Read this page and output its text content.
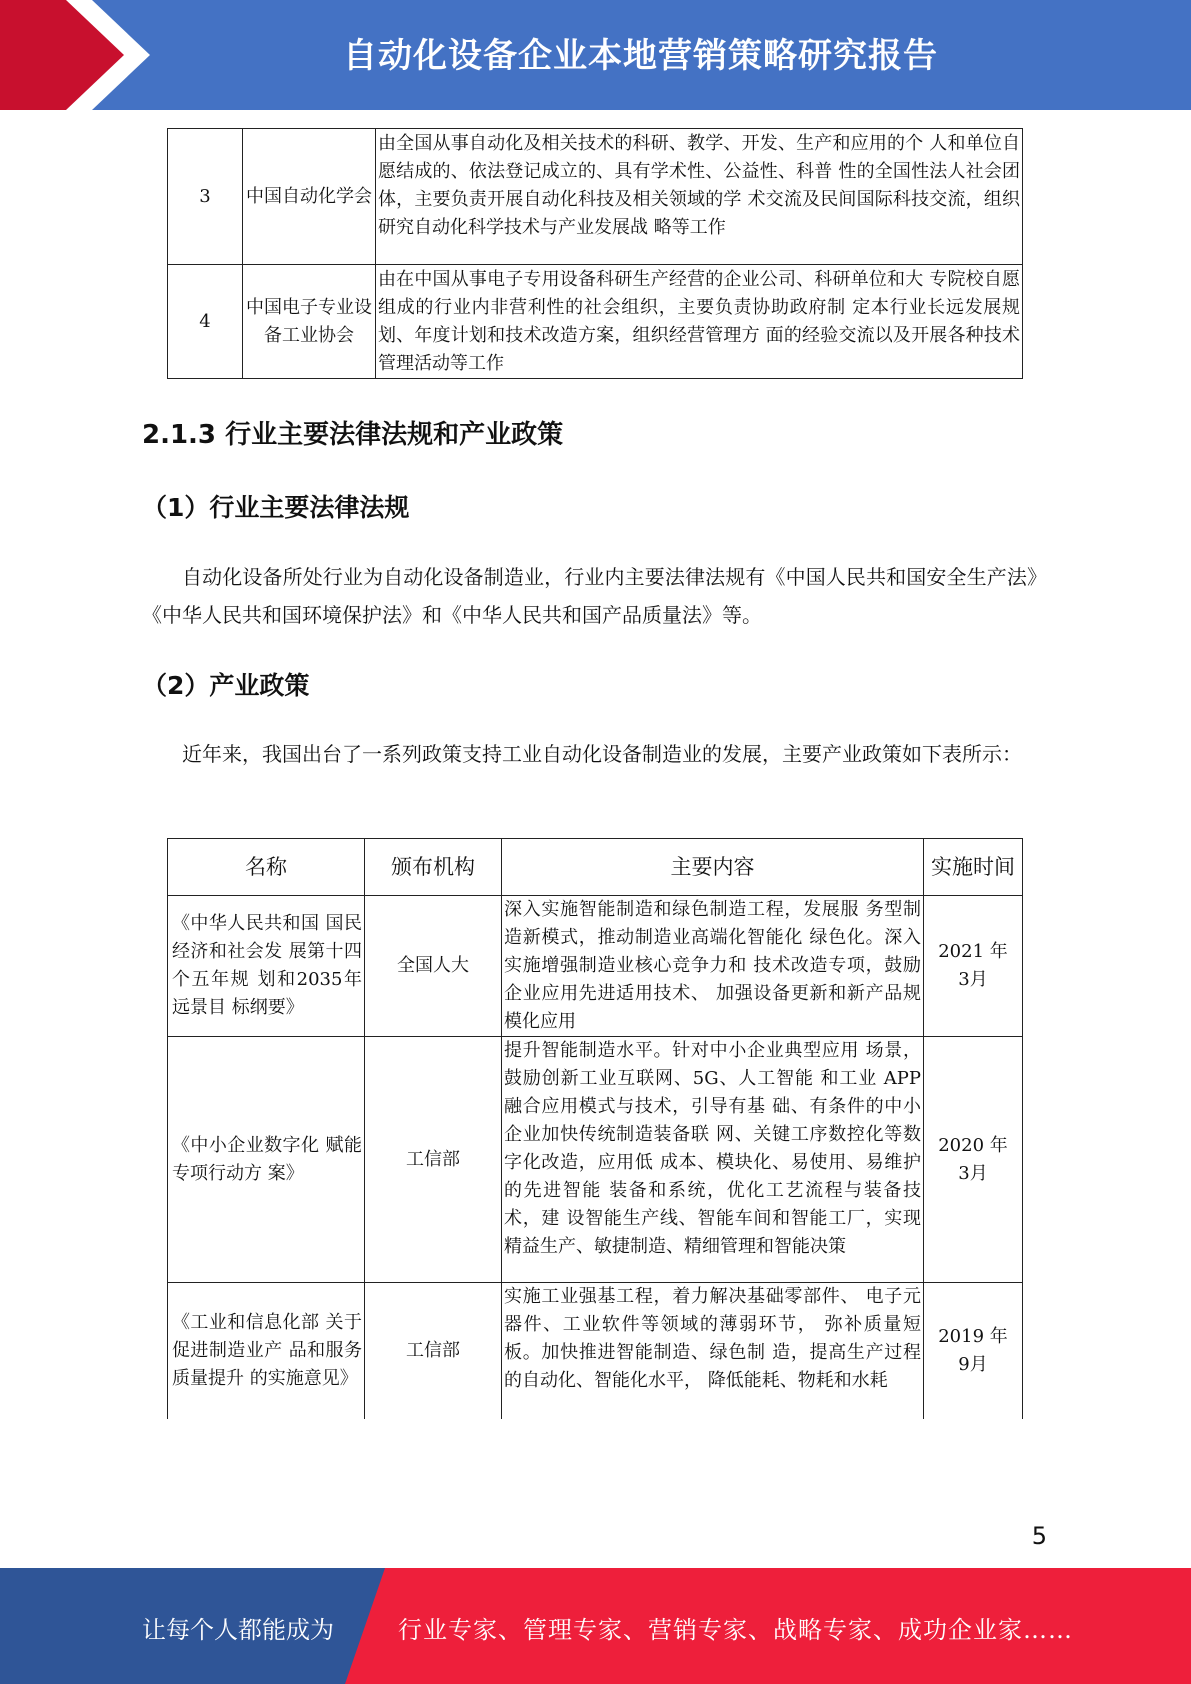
自动化设备企业本地营销策略研究报告
3	中国自动化学会	由全国从事自动化及相关技术的科研、教学、开发、生产和应用的个 人和单位自愿结成的、依法登记成立的、具有学术性、公益性、科普 性的全国性法人社会团体，主要负责开展自动化科技及相关领域的学 术交流及民间国际科技交流，组织研究自动化科学技术与产业发展战 略等工作
4	中国电子专业设备工业协会	由在中国从事电子专用设备科研生产经营的企业公司、科研单位和大 专院校自愿组成的行业内非营利性的社会组织，主要负责协助政府制 定本行业长远发展规划、年度计划和技术改造方案，组织经营管理方 面的经验交流以及开展各种技术管理活动等工作
2.1.3 行业主要法律法规和产业政策
（1）行业主要法律法规
自动化设备所处行业为自动化设备制造业，行业内主要法律法规有《中国人民共和国安全生产法》《中华人民共和国环境保护法》和《中华人民共和国产品质量法》等。
（2）产业政策
近年来，我国出台了一系列政策支持工业自动化设备制造业的发展，主要产业政策如下表所示：
名称	颁布机构	主要内容	实施时间
《中华人民共和国 国民经济和社会发 展第十四个五年规 划和2035年远景目 标纲要》	全国人大	深入实施智能制造和绿色制造工程，发展服 务型制造新模式，推动制造业高端化智能化 绿色化。深入实施增强制造业核心竞争力和 技术改造专项，鼓励企业应用先进适用技术、 加强设备更新和新产品规模化应用	2021 年 3月
《中小企业数字化 赋能专项行动方 案》	工信部	提升智能制造水平。针对中小企业典型应用 场景，鼓励创新工业互联网、5G、人工智能 和工业 APP 融合应用模式与技术，引导有基 础、有条件的中小企业加快传统制造装备联 网、关键工序数控化等数字化改造，应用低 成本、模块化、易使用、易维护的先进智能 装备和系统，优化工艺流程与装备技术，建 设智能生产线、智能车间和智能工厂，实现 精益生产、敏捷制造、精细管理和智能决策	2020 年 3月
《工业和信息化部 关于促进制造业产 品和服务质量提升 的实施意见》	工信部	实施工业强基工程，着力解决基础零部件、 电子元器件、工业软件等领域的薄弱环节， 弥补质量短板。加快推进智能制造、绿色制 造，提高生产过程的自动化、智能化水平， 降低能耗、物耗和水耗	2019 年 9月
5
让每个人都能成为	行业专家、管理专家、营销专家、战略专家、成功企业家……
